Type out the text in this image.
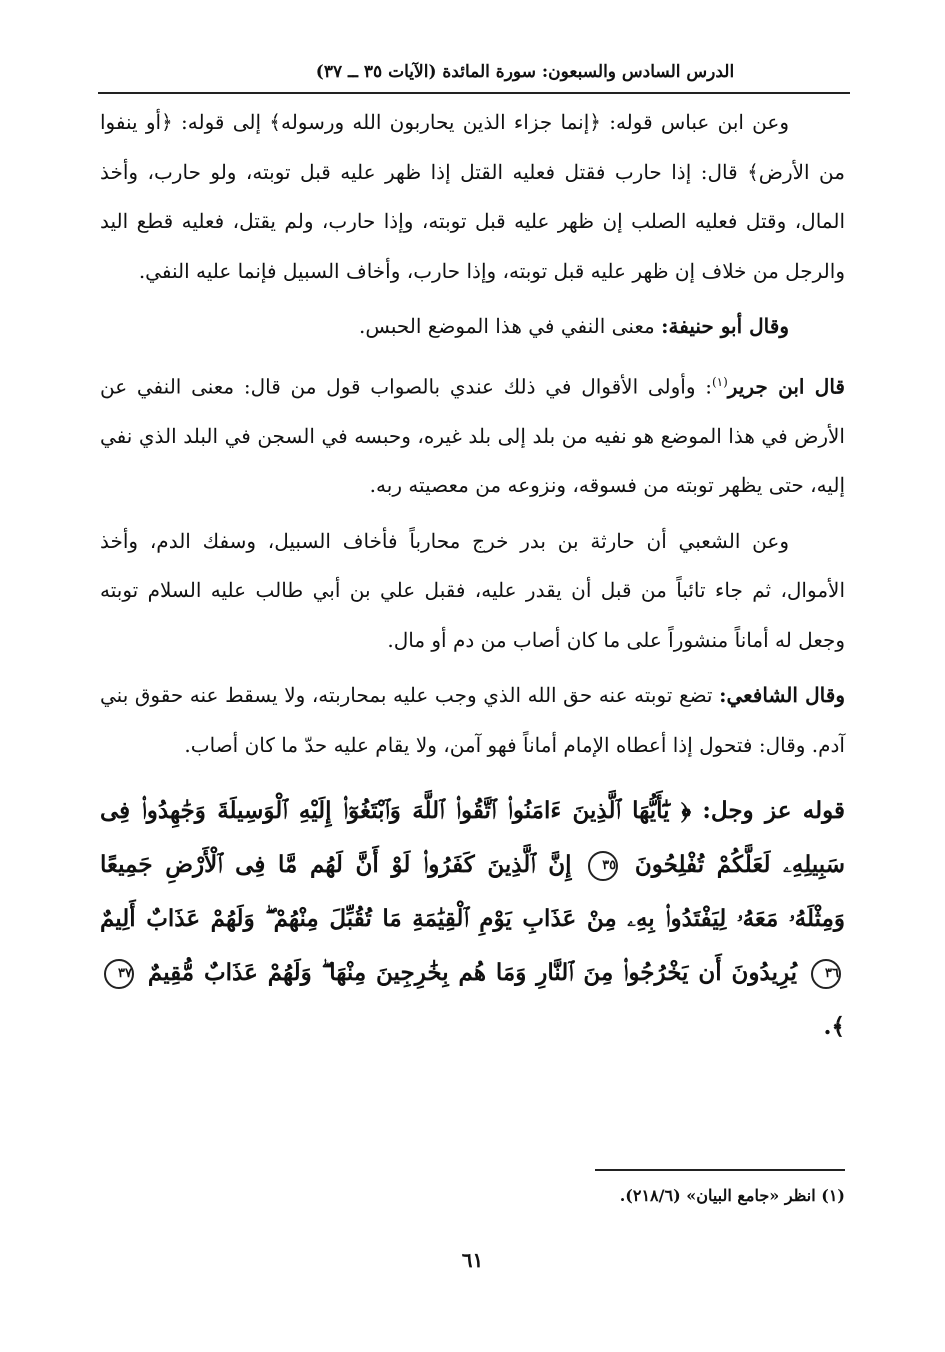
الدرس السادس والسبعون: سورة المائدة (الآيات ٣٥ ــ ٣٧)

وعن ابن عباس قوله: ﴿إنما جزاء الذين يحاربون الله ورسوله﴾ إلى قوله: ﴿أو ينفوا من الأرض﴾ قال: إذا حارب فقتل فعليه القتل إذا ظهر عليه قبل توبته، ولو حارب، وأخذ المال، وقتل فعليه الصلب إن ظهر عليه قبل توبته، وإذا حارب، ولم يقتل، فعليه قطع اليد والرجل من خلاف إن ظهر عليه قبل توبته، وإذا حارب، وأخاف السبيل فإنما عليه النفي.

وقال أبو حنيفة: معنى النفي في هذا الموضع الحبس.

قال ابن جرير$^{(١)}$: وأولى الأقوال في ذلك عندي بالصواب قول من قال: معنى النفي عن الأرض في هذا الموضع هو نفيه من بلد إلى بلد غيره، وحبسه في السجن في البلد الذي نفي إليه، حتى يظهر توبته من فسوقه، ونزوعه من معصيته ربه.

وعن الشعبي أن حارثة بن بدر خرج محارباً فأخاف السبيل، وسفك الدم، وأخذ الأموال، ثم جاء تائباً من قبل أن يقدر عليه، فقبل علي بن أبي طالب عليه السلام توبته وجعل له أماناً منشوراً على ما كان أصاب من دم أو مال.

وقال الشافعي: تضع توبته عنه حق الله الذي وجب عليه بمحاربته، ولا يسقط عنه حقوق بني آدم. وقال: فتحول إذا أعطاه الإمام أماناً فهو آمن، ولا يقام عليه حدّ ما كان أصاب.

قوله عز وجل: ﴿ يَٰٓأَيُّهَا ٱلَّذِينَ ءَامَنُوا۟ ٱتَّقُوا۟ ٱللَّهَ وَٱبْتَغُوٓا۟ إِلَيْهِ ٱلْوَسِيلَةَ وَجَٰهِدُوا۟ فِى سَبِيلِهِۦ لَعَلَّكُمْ تُفْلِحُونَ ٣٥ إِنَّ ٱلَّذِينَ كَفَرُوا۟ لَوْ أَنَّ لَهُم مَّا فِى ٱلْأَرْضِ جَمِيعًا وَمِثْلَهُۥ مَعَهُۥ لِيَفْتَدُوا۟ بِهِۦ مِنْ عَذَابِ يَوْمِ ٱلْقِيَٰمَةِ مَا تُقُبِّلَ مِنْهُمْ ۖ وَلَهُمْ عَذَابٌ أَلِيمٌ ٣٦ يُرِيدُونَ أَن يَخْرُجُوا۟ مِنَ ٱلنَّارِ وَمَا هُم بِخَٰرِجِينَ مِنْهَا ۖ وَلَهُمْ عَذَابٌ مُّقِيمٌ ٣٧ ﴾.

(١) انظر «جامع البيان» (٢١٨/٦).
٦١
